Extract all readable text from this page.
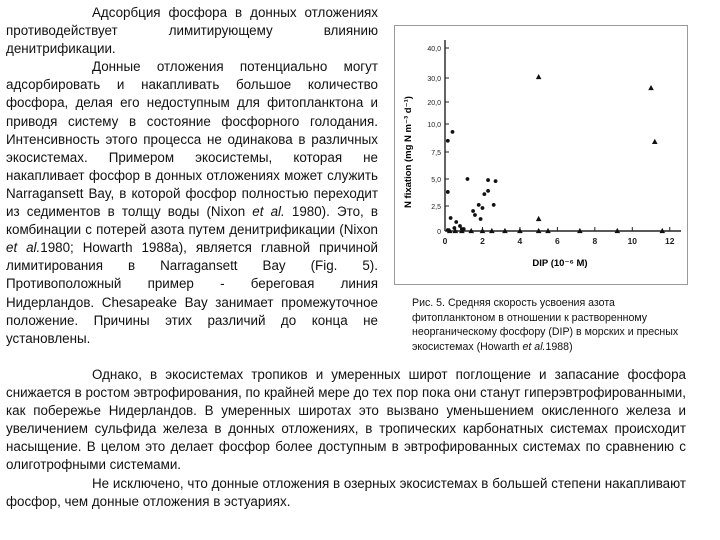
Адсорбция фосфора в донных отложениях противодействует лимитирующему влиянию денитрификации.

Донные отложения потенциально могут адсорбировать и накапливать большое количество фосфора, делая его недоступным для фитопланктона и приводя систему в состояние фосфорного голодания. Интенсивность этого процесса не одинакова в различных экосистемах. Примером экосистемы, которая не накапливает фосфор в донных отложениях может служить Narragansett Bay, в которой фосфор полностью переходит из седиментов в толщу воды (Nixon et al. 1980). Это, в комбинации с потерей азота путем денитрификации (Nixon et al.1980; Howarth 1988a), является главной причиной лимитирования в Narragansett Bay (Fig. 5). Противоположный пример - береговая линия Нидерландов. Chesapeake Bay занимает промежуточное положение. Причины этих различий до конца не установлены.

0
2,5
5,0
7,5
10,0
20,0
30,0
40,0
0	2	4	6	8	10	12
N fixation (mg N m⁻³ d⁻¹)
DIP (10⁻⁶ M)
Рис. 5. Средняя скорость усвоения азота фитопланктоном в отношении к растворенному неорганическому фосфору (DIP) в морских и пресных экосистемах (Howarth et al.1988)

Однако, в экосистемах тропиков и умеренных широт поглощение и запасание фосфора снижается в ростом эвтрофирования, по крайней мере до тех пор пока они станут гиперэвтрофированными, как побережье Нидерландов. В умеренных широтах это вызвано уменьшением окисленного железа и увеличением сульфида железа в донных отложениях, в тропических карбонатных системах происходит насыщение. В целом это делает фосфор более доступным в эвтрофированных системах по сравнению с олиготрофными системами.

Не исключено, что донные отложения в озерных экосистемах в большей степени накапливают фосфор, чем донные отложения в эстуариях.
